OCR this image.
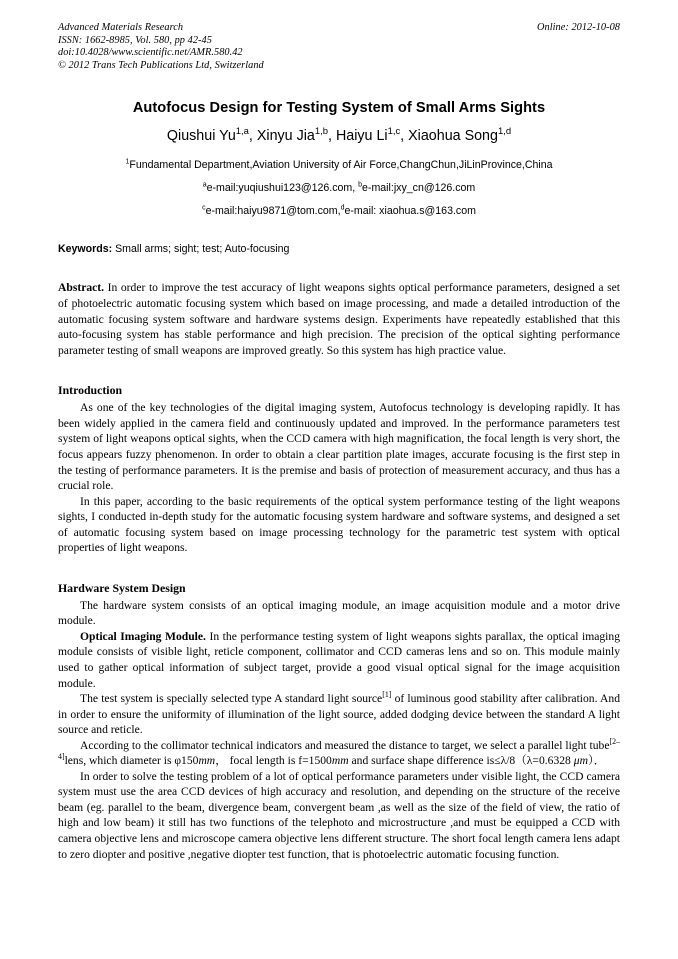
Advanced Materials Research
ISSN: 1662-8985, Vol. 580, pp 42-45
doi:10.4028/www.scientific.net/AMR.580.42
© 2012 Trans Tech Publications Ltd, Switzerland
Online: 2012-10-08
Autofocus Design for Testing System of Small Arms Sights
Qiushui Yu$^{1,a}$, Xinyu Jia$^{1,b}$, Haiyu Li$^{1,c}$, Xiaohua Song$^{1,d}$
$^1$Fundamental Department,Aviation University of Air Force,ChangChun,JiLinProvince,China
$^a$e-mail:yuqiushui123@126.com, $^b$e-mail:jxy_cn@126.com
$^c$e-mail:haiyu9871@tom.com,$^d$e-mail: xiaohua.s@163.com
Keywords: Small arms; sight; test; Auto-focusing
Abstract. In order to improve the test accuracy of light weapons sights optical performance parameters, designed a set of photoelectric automatic focusing system which based on image processing, and made a detailed introduction of the automatic focusing system software and hardware systems design. Experiments have repeatedly established that this auto-focusing system has stable performance and high precision. The precision of the optical sighting performance parameter testing of small weapons are improved greatly. So this system has high practice value.
Introduction

As one of the key technologies of the digital imaging system, Autofocus technology is developing rapidly. It has been widely applied in the camera field and continuously updated and improved. In the performance parameters test system of light weapons optical sights, when the CCD camera with high magnification, the focal length is very short, the focus appears fuzzy phenomenon. In order to obtain a clear partition plate images, accurate focusing is the first step in the testing of performance parameters. It is the premise and basis of protection of measurement accuracy, and thus has a crucial role.

In this paper, according to the basic requirements of the optical system performance testing of the light weapons sights, I conducted in-depth study for the automatic focusing system hardware and software systems, and designed a set of automatic focusing system based on image processing technology for the parametric test system with optical properties of light weapons.

Hardware System Design

The hardware system consists of an optical imaging module, an image acquisition module and a motor drive module.

Optical Imaging Module. In the performance testing system of light weapons sights parallax, the optical imaging module consists of visible light, reticle component, collimator and CCD cameras lens and so on. This module mainly used to gather optical information of subject target, provide a good visual optical signal for the image acquisition module.

The test system is specially selected type A standard light source[1] of luminous good stability after calibration. And in order to ensure the uniformity of illumination of the light source, added dodging device between the standard A light source and reticle.

According to the collimator technical indicators and measured the distance to target, we select a parallel light tube[2–4]lens, which diameter is φ150mm， focal length is f=1500mm and surface shape difference is≤λ/8（λ=0.6328 μm）．

In order to solve the testing problem of a lot of optical performance parameters under visible light, the CCD camera system must use the area CCD devices of high accuracy and resolution, and depending on the structure of the receive beam (eg. parallel to the beam, divergence beam, convergent beam ,as well as the size of the field of view, the ratio of high and low beam) it still has two functions of the telephoto and microstructure ,and must be equipped a CCD with camera objective lens and microscope camera objective lens different structure. The short focal length camera lens adapt to zero diopter and positive ,negative diopter test function, that is photoelectric automatic focusing function.
